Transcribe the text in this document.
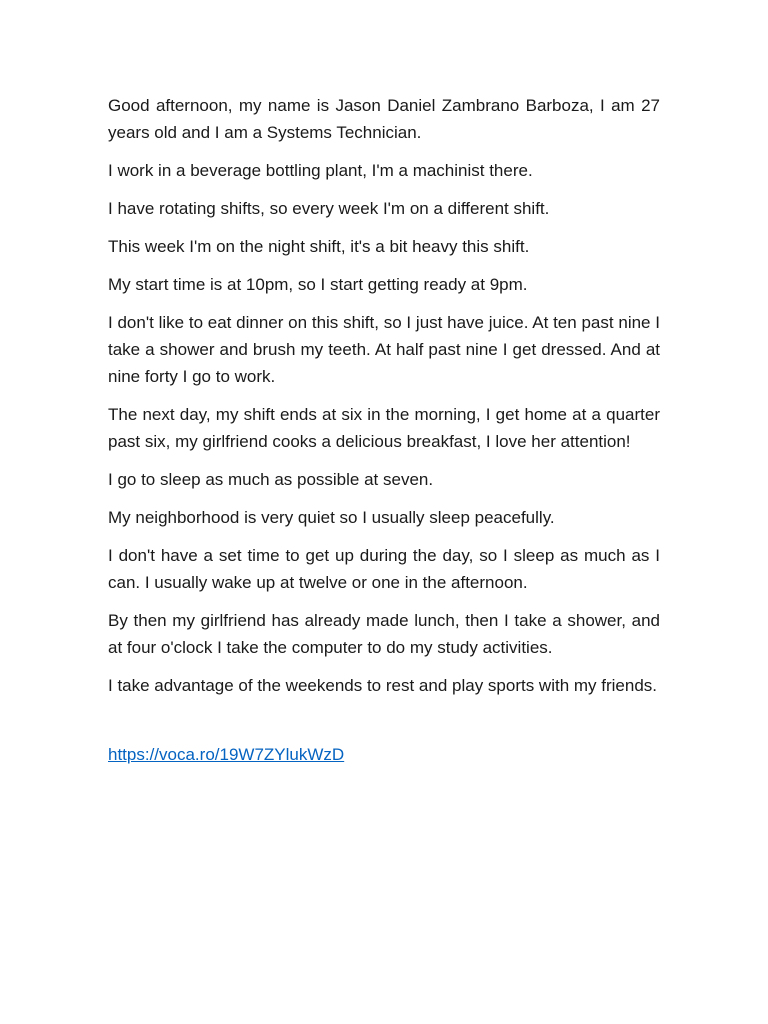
Good afternoon, my name is Jason Daniel Zambrano Barboza, I am 27 years old and I am a Systems Technician.

I work in a beverage bottling plant, I'm a machinist there.

I have rotating shifts, so every week I'm on a different shift.

This week I'm on the night shift, it's a bit heavy this shift.

My start time is at 10pm, so I start getting ready at 9pm.

I don't like to eat dinner on this shift, so I just have juice. At ten past nine I take a shower and brush my teeth. At half past nine I get dressed. And at nine forty I go to work.

The next day, my shift ends at six in the morning, I get home at a quarter past six, my girlfriend cooks a delicious breakfast, I love her attention!

I go to sleep as much as possible at seven.

My neighborhood is very quiet so I usually sleep peacefully.

I don't have a set time to get up during the day, so I sleep as much as I can. I usually wake up at twelve or one in the afternoon.

By then my girlfriend has already made lunch, then I take a shower, and at four o'clock I take the computer to do my study activities.

I take advantage of the weekends to rest and play sports with my friends.

https://voca.ro/19W7ZYlukWzD
